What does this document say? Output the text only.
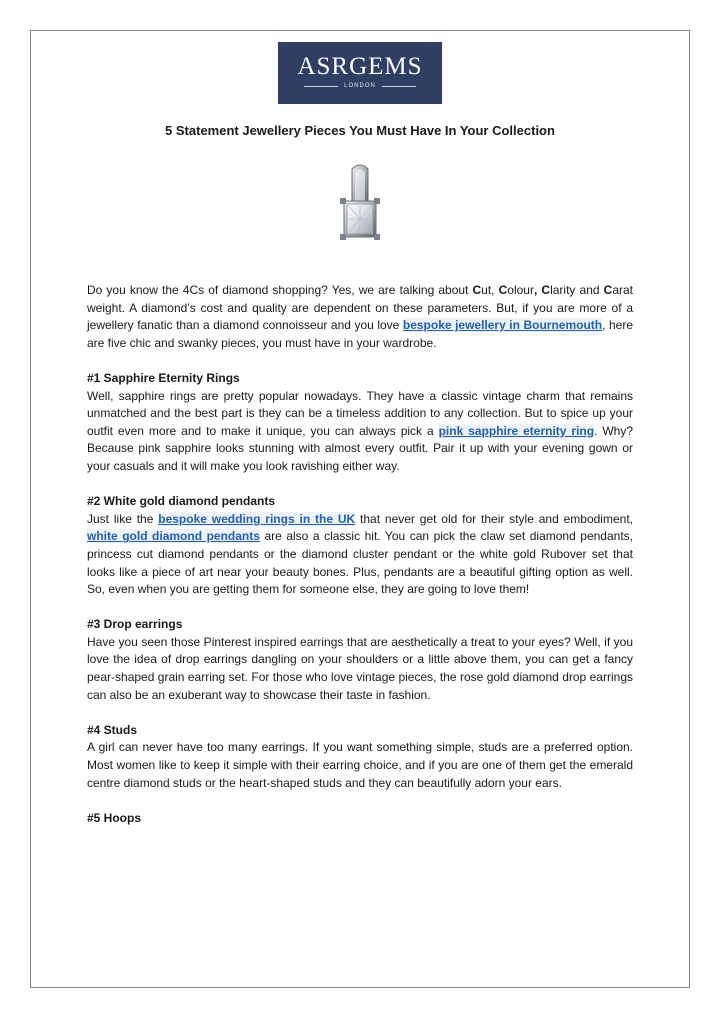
ASRGEMS
LONDON
5 Statement Jewellery Pieces You Must Have In Your Collection

Do you know the 4Cs of diamond shopping? Yes, we are talking about Cut, Colour, Clarity and Carat weight. A diamond’s cost and quality are dependent on these parameters. But, if you are more of a jewellery fanatic than a diamond connoisseur and you love bespoke jewellery in Bournemouth, here are five chic and swanky pieces, you must have in your wardrobe.

#1 Sapphire Eternity Rings

Well, sapphire rings are pretty popular nowadays. They have a classic vintage charm that remains unmatched and the best part is they can be a timeless addition to any collection. But to spice up your outfit even more and to make it unique, you can always pick a pink sapphire eternity ring. Why? Because pink sapphire looks stunning with almost every outfit. Pair it up with your evening gown or your casuals and it will make you look ravishing either way.

#2 White gold diamond pendants

Just like the bespoke wedding rings in the UK that never get old for their style and embodiment, white gold diamond pendants are also a classic hit. You can pick the claw set diamond pendants, princess cut diamond pendants or the diamond cluster pendant or the white gold Rubover set that looks like a piece of art near your beauty bones. Plus, pendants are a beautiful gifting option as well. So, even when you are getting them for someone else, they are going to love them!

#3 Drop earrings

Have you seen those Pinterest inspired earrings that are aesthetically a treat to your eyes? Well, if you love the idea of drop earrings dangling on your shoulders or a little above them, you can get a fancy pear-shaped grain earring set. For those who love vintage pieces, the rose gold diamond drop earrings can also be an exuberant way to showcase their taste in fashion.

#4 Studs

A girl can never have too many earrings. If you want something simple, studs are a preferred option. Most women like to keep it simple with their earring choice, and if you are one of them get the emerald centre diamond studs or the heart-shaped studs and they can beautifully adorn your ears.

#5 Hoops
